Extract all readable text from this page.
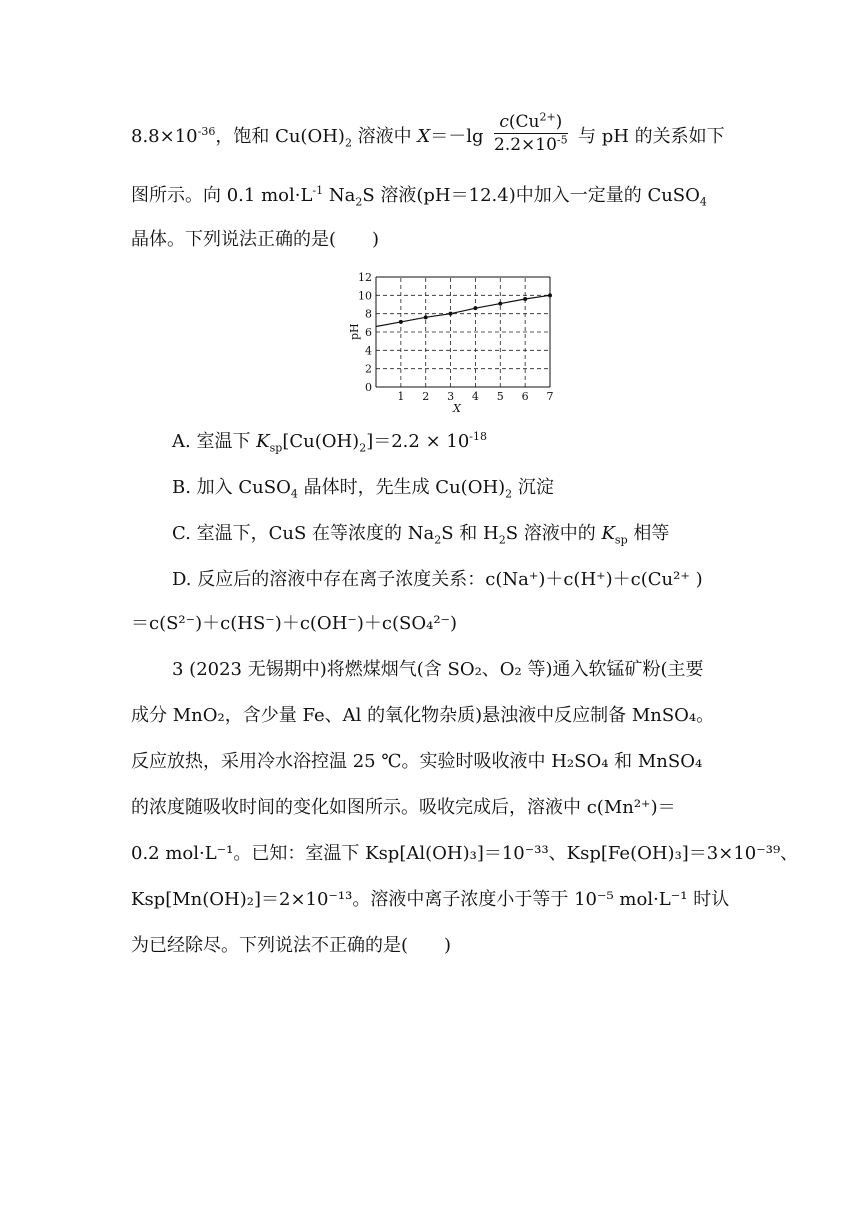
$8.8\times 10^{-36}$，饱和 $Cu(OH)_2$ 溶液中 $X=-\lg \frac{c(Cu^{2+})}{2.2\times 10^{-5}}$ 与 pH 的关系如下
图所示。向 0.1 $mol\cdot L^{-1}$ $Na_2S$ 溶液(pH＝12.4)中加入一定量的 CuSO$_4$
晶体。下列说法正确的是(　　)
0
2
4
6
8
10
12
1 2 3 4 5 6 7
X
pH
A. 室温下 $K_{sp}[Cu(OH)_2]=2.2 \times 10^{-18}$
B. 加入 CuSO$_4$ 晶体时，先生成 $Cu(OH)_2$ 沉淀
C. 室温下，CuS 在等浓度的 $Na_2S$ 和 $H_2S$ 溶液中的 $K_{sp}$ 相等
D. 反应后的溶液中存在离子浓度关系：c(Na⁺)＋c(H⁺)＋c(Cu²⁺ )
＝c(S²⁻)＋c(HS⁻)＋c(OH⁻)＋c(SO₄²⁻)
3 (2023 无锡期中)将燃煤烟气(含 SO₂、O₂ 等)通入软锰矿粉(主要
成分 MnO₂，含少量 Fe、Al 的氧化物杂质)悬浊液中反应制备 MnSO₄。
反应放热，采用冷水浴控温 25 ℃。实验时吸收液中 H₂SO₄ 和 MnSO₄
的浓度随吸收时间的变化如图所示。吸收完成后，溶液中 c(Mn²⁺)＝
0.2 mol·L⁻¹。已知：室温下 Ksp[Al(OH)₃]＝10⁻³³、Ksp[Fe(OH)₃]＝3×10⁻³⁹、
Ksp[Mn(OH)₂]＝2×10⁻¹³。溶液中离子浓度小于等于 10⁻⁵ mol·L⁻¹ 时认
为已经除尽。下列说法不正确的是(　　)
